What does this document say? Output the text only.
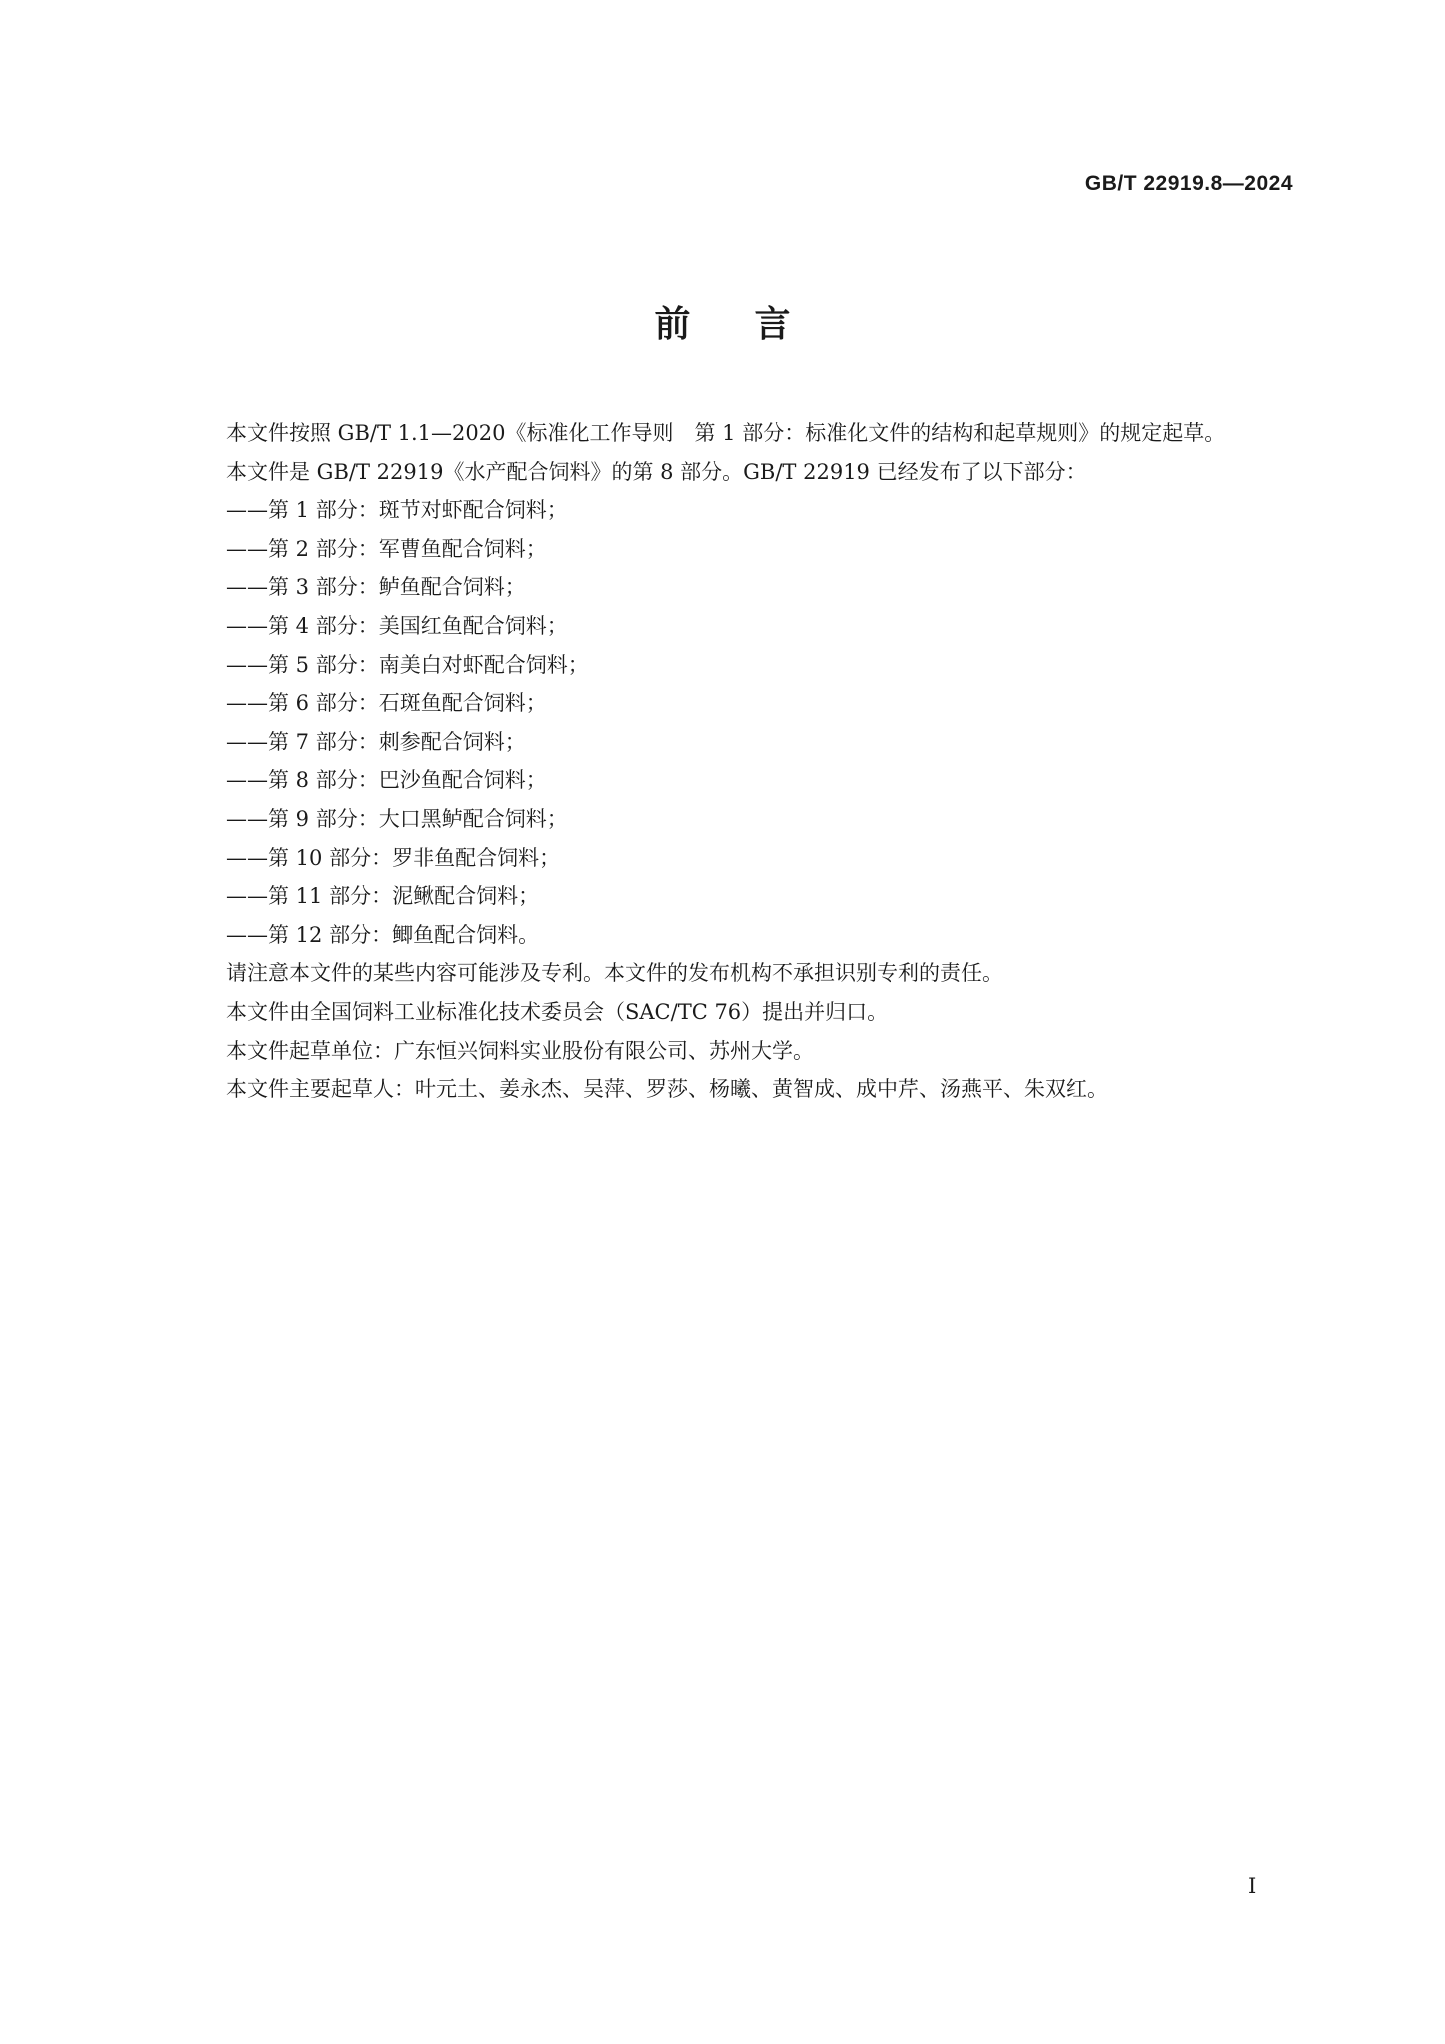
GB/T 22919.8—2024
前言

本文件按照 GB/T 1.1—2020《标准化工作导则　第 1 部分：标准化文件的结构和起草规则》的规定起草。

本文件是 GB/T 22919《水产配合饲料》的第 8 部分。GB/T 22919 已经发布了以下部分：

——第 1 部分：斑节对虾配合饲料；

——第 2 部分：军曹鱼配合饲料；

——第 3 部分：鲈鱼配合饲料；

——第 4 部分：美国红鱼配合饲料；

——第 5 部分：南美白对虾配合饲料；

——第 6 部分：石斑鱼配合饲料；

——第 7 部分：刺参配合饲料；

——第 8 部分：巴沙鱼配合饲料；

——第 9 部分：大口黑鲈配合饲料；

——第 10 部分：罗非鱼配合饲料；

——第 11 部分：泥鳅配合饲料；

——第 12 部分：鲫鱼配合饲料。

请注意本文件的某些内容可能涉及专利。本文件的发布机构不承担识别专利的责任。

本文件由全国饲料工业标准化技术委员会（SAC/TC 76）提出并归口。

本文件起草单位：广东恒兴饲料实业股份有限公司、苏州大学。

本文件主要起草人：叶元土、姜永杰、吴萍、罗莎、杨曦、黄智成、成中芹、汤燕平、朱双红。

I
